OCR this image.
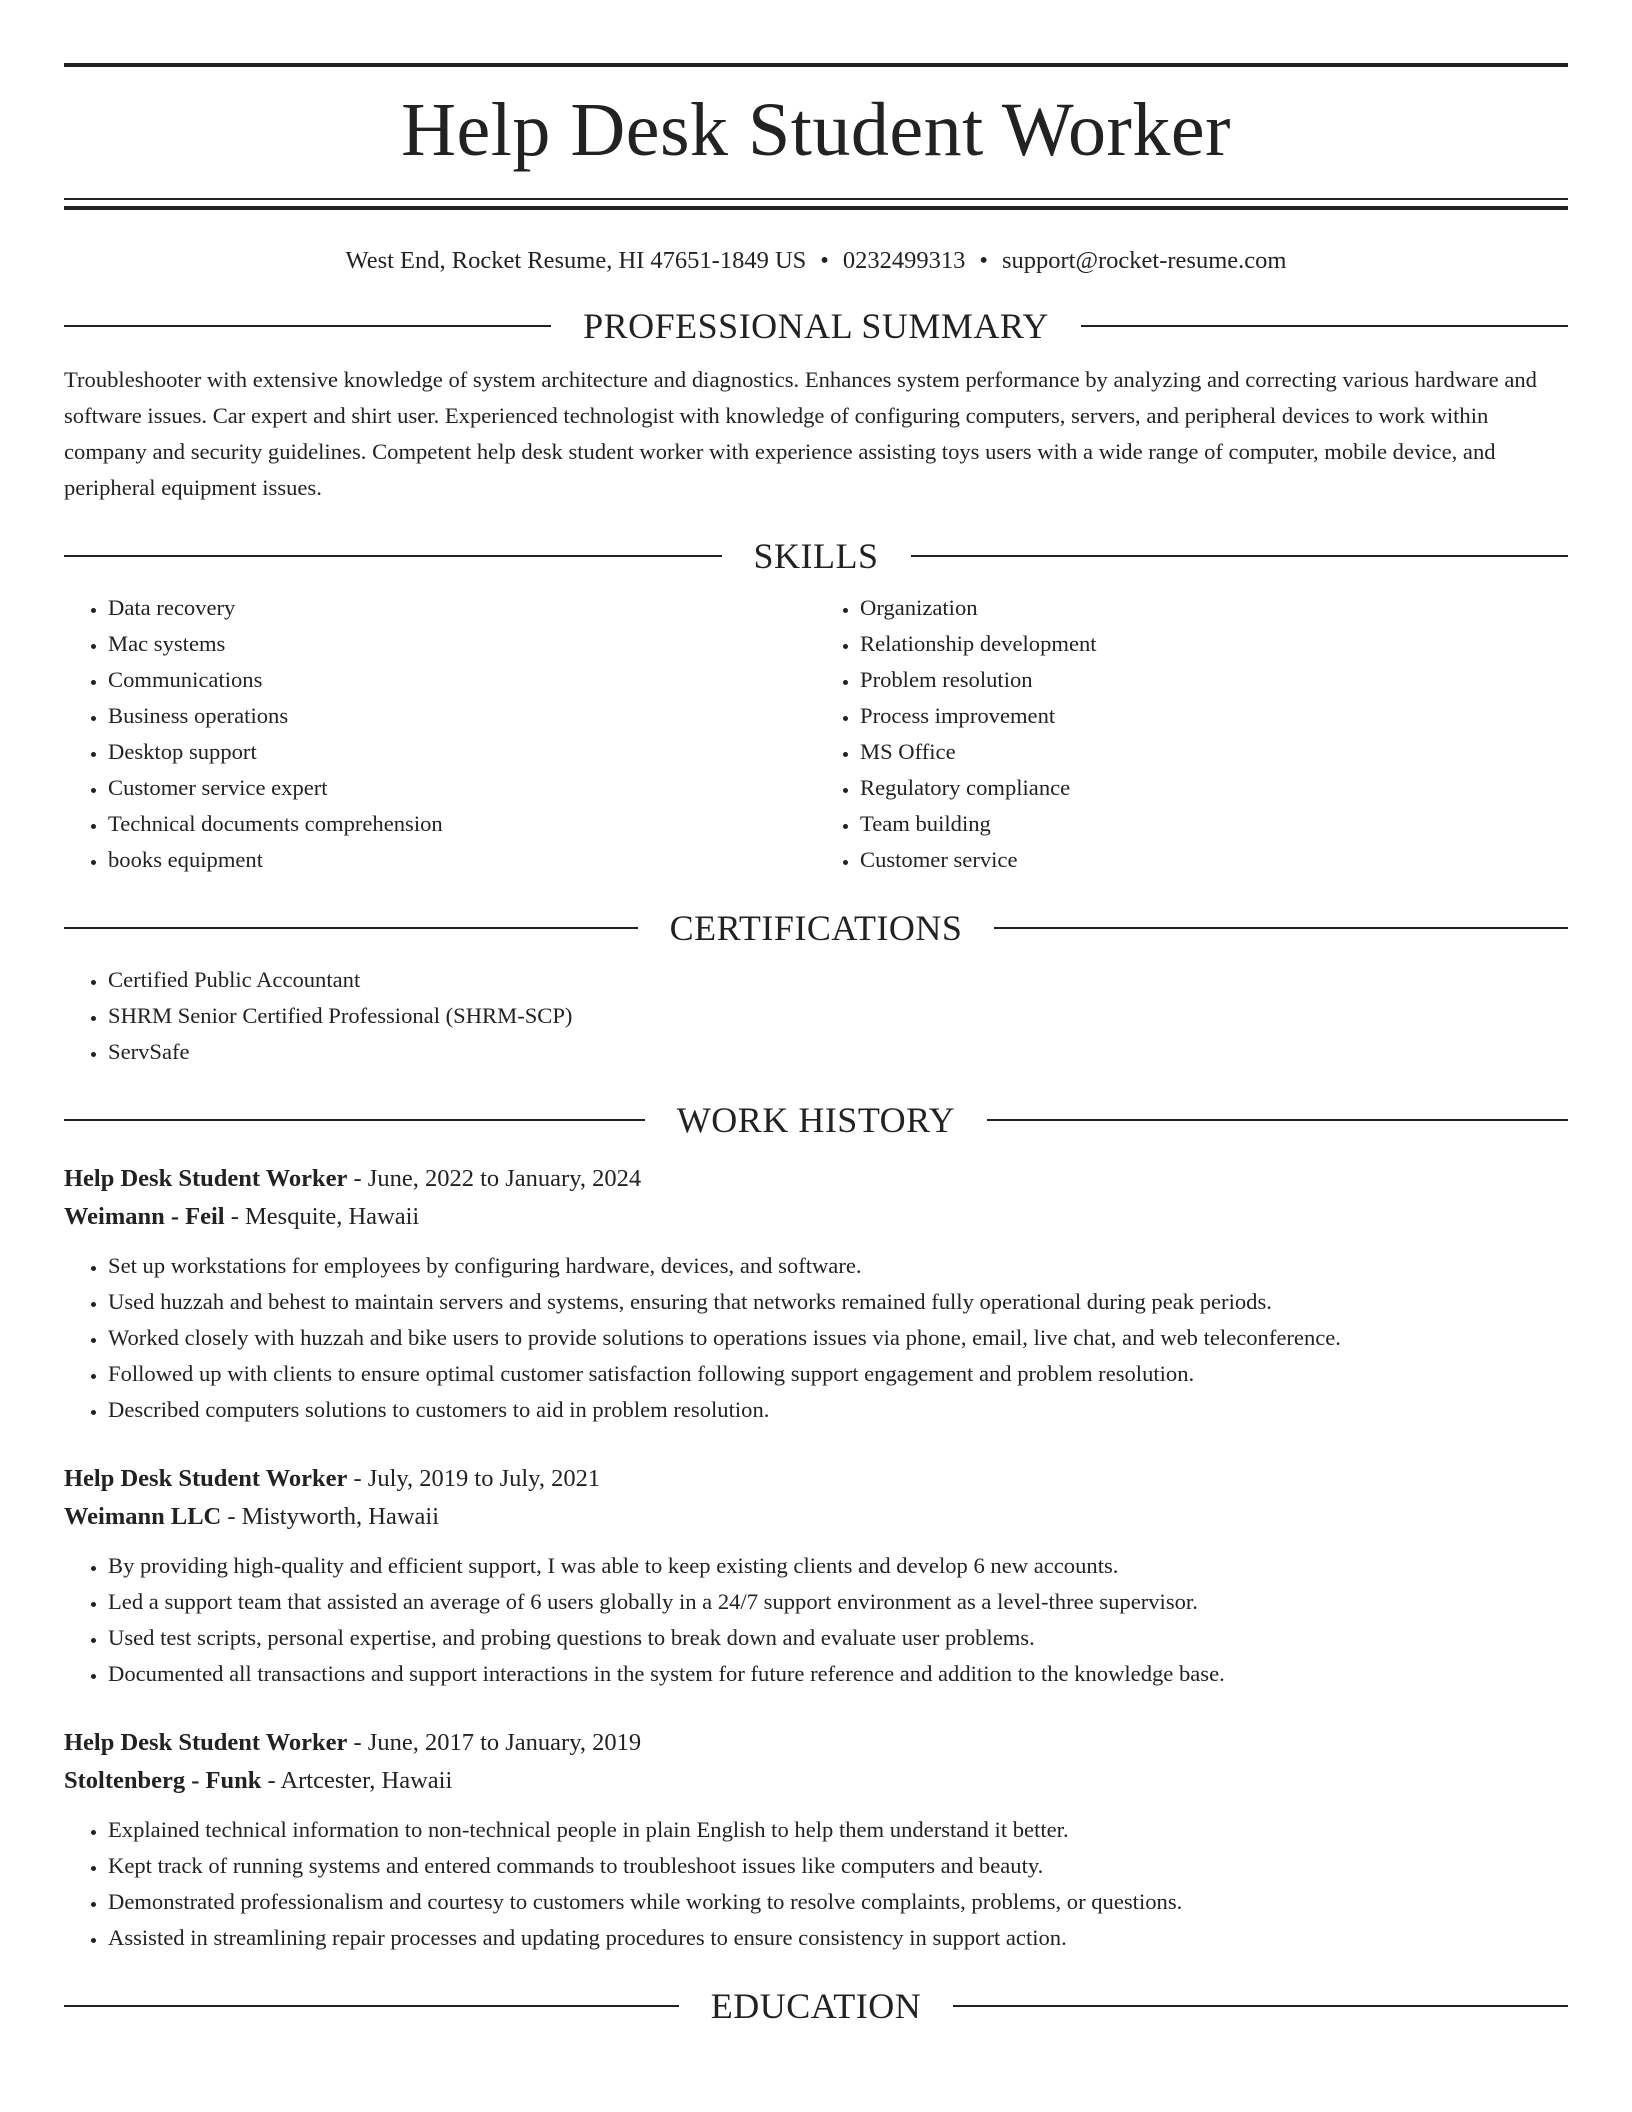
Help Desk Student Worker
West End, Rocket Resume, HI 47651-1849 US • 0232499313 • support@rocket-resume.com
PROFESSIONAL SUMMARY

Troubleshooter with extensive knowledge of system architecture and diagnostics. Enhances system performance by analyzing and correcting various hardware and software issues. Car expert and shirt user. Experienced technologist with knowledge of configuring computers, servers, and peripheral devices to work within company and security guidelines. Competent help desk student worker with experience assisting toys users with a wide range of computer, mobile device, and peripheral equipment issues.

SKILLS
• Data recovery
• Mac systems
• Communications
• Business operations
• Desktop support
• Customer service expert
• Technical documents comprehension
• books equipment
• Organization
• Relationship development
• Problem resolution
• Process improvement
• MS Office
• Regulatory compliance
• Team building
• Customer service
CERTIFICATIONS
• Certified Public Accountant
• SHRM Senior Certified Professional (SHRM-SCP)
• ServSafe
WORK HISTORY
Help Desk Student Worker - June, 2022 to January, 2024
Weimann - Feil - Mesquite, Hawaii
• Set up workstations for employees by configuring hardware, devices, and software.
• Used huzzah and behest to maintain servers and systems, ensuring that networks remained fully operational during peak periods.
• Worked closely with huzzah and bike users to provide solutions to operations issues via phone, email, live chat, and web teleconference.
• Followed up with clients to ensure optimal customer satisfaction following support engagement and problem resolution.
• Described computers solutions to customers to aid in problem resolution.
Help Desk Student Worker - July, 2019 to July, 2021
Weimann LLC - Mistyworth, Hawaii
• By providing high-quality and efficient support, I was able to keep existing clients and develop 6 new accounts.
• Led a support team that assisted an average of 6 users globally in a 24/7 support environment as a level-three supervisor.
• Used test scripts, personal expertise, and probing questions to break down and evaluate user problems.
• Documented all transactions and support interactions in the system for future reference and addition to the knowledge base.
Help Desk Student Worker - June, 2017 to January, 2019
Stoltenberg - Funk - Artcester, Hawaii
• Explained technical information to non-technical people in plain English to help them understand it better.
• Kept track of running systems and entered commands to troubleshoot issues like computers and beauty.
• Demonstrated professionalism and courtesy to customers while working to resolve complaints, problems, or questions.
• Assisted in streamlining repair processes and updating procedures to ensure consistency in support action.
EDUCATION
